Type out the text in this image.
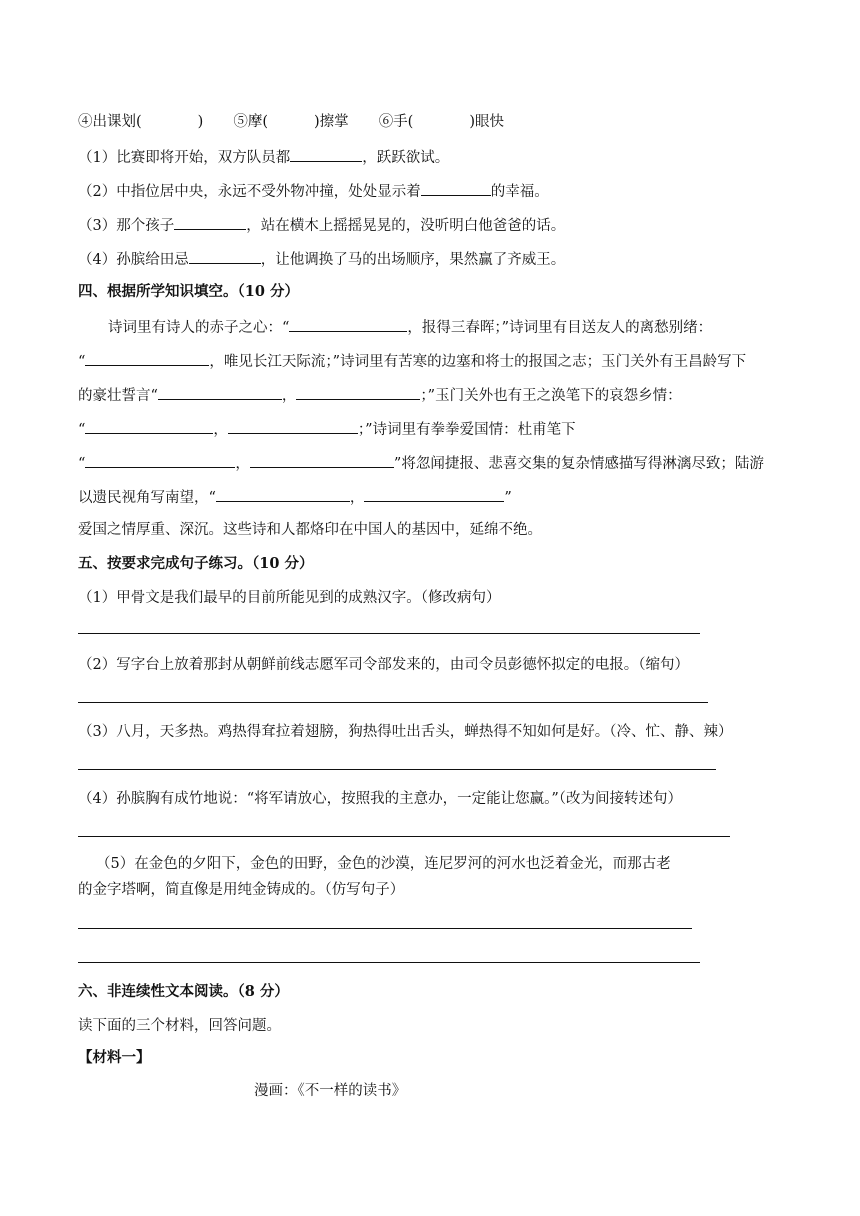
④出课划(	) ⑤摩(	)擦掌 ⑥手(	)眼快
（1）比赛即将开始，双方队员都	，跃跃欲试。
（2）中指位居中央，永远不受外物冲撞，处处显示着	的幸福。
（3）那个孩子	，站在横木上摇摇晃晃的，没听明白他爸爸的话。
（4）孙膑给田忌	，让他调换了马的出场顺序，果然赢了齐威王。
四、根据所学知识填空。（10 分）
诗词里有诗人的赤子之心：“	，报得三春晖；”诗词里有目送友人的离愁别绪：
“	，唯见长江天际流；”诗词里有苦寒的边塞和将士的报国之志；玉门关外有王昌龄写下
的豪壮誓言“	，	；”玉门关外也有王之涣笔下的哀怨乡情：
“	，	；”诗词里有拳拳爱国情：杜甫笔下
“	，	”将忽闻捷报、悲喜交集的复杂情感描写得淋漓尽致；陆游
以遗民视角写南望，“	，	”
爱国之情厚重、深沉。这些诗和人都烙印在中国人的基因中，延绵不绝。
五、按要求完成句子练习。（10 分）
（1）甲骨文是我们最早的目前所能见到的成熟汉字。（修改病句）
（2）写字台上放着那封从朝鲜前线志愿军司令部发来的，由司令员彭德怀拟定的电报。（缩句）
（3）八月，天多热。鸡热得耷拉着翅膀，狗热得吐出舌头，蝉热得不知如何是好。（冷、忙、静、辣）
（4）孙膑胸有成竹地说：“将军请放心，按照我的主意办，一定能让您赢。”（改为间接转述句）
（5）在金色的夕阳下，金色的田野，金色的沙漠，连尼罗河的河水也泛着金光，而那古老
的金字塔啊，简直像是用纯金铸成的。（仿写句子）
六、非连续性文本阅读。（8 分）
读下面的三个材料，回答问题。
【材料一】
漫画：《不一样的读书》
